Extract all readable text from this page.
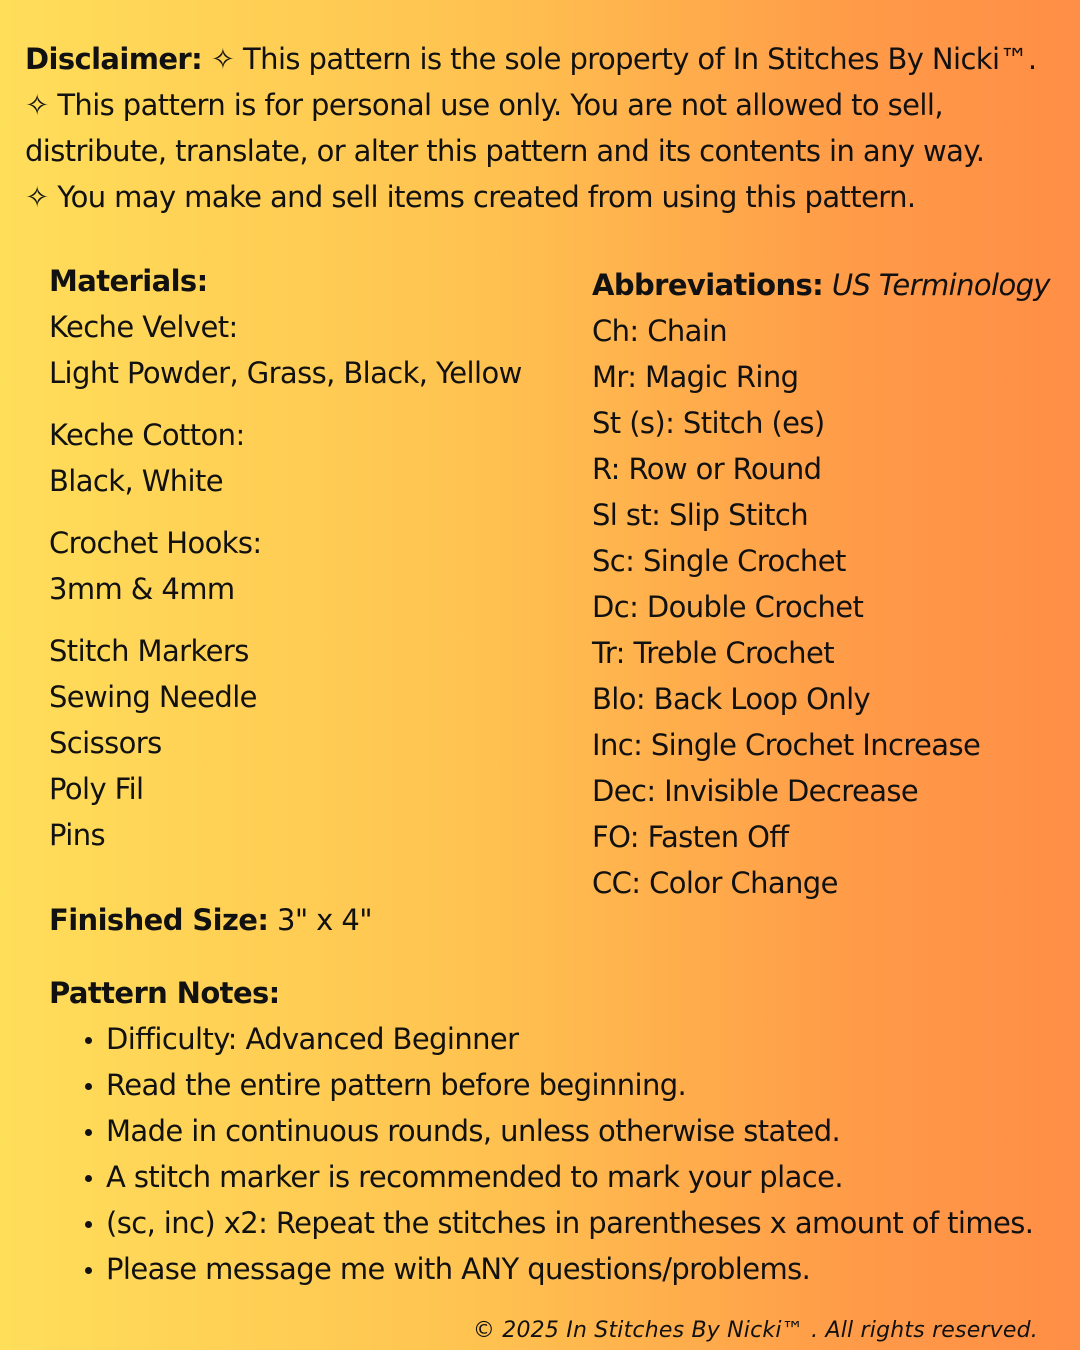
Disclaimer: ✧ This pattern is the sole property of In Stitches By Nicki™.

✧ This pattern is for personal use only. You are not allowed to sell,

distribute, translate, or alter this pattern and its contents in any way.

✧ You may make and sell items created from using this pattern.

Materials:
Keche Velvet:
Light Powder, Grass, Black, Yellow
Keche Cotton:
Black, White
Crochet Hooks:
3mm & 4mm
Stitch Markers
Sewing Needle
Scissors
Poly Fil
Pins
Abbreviations: US Terminology
Ch: Chain
Mr: Magic Ring
St (s): Stitch (es)
R: Row or Round
Sl st: Slip Stitch
Sc: Single Crochet
Dc: Double Crochet
Tr: Treble Crochet
Blo: Back Loop Only
Inc: Single Crochet Increase
Dec: Invisible Decrease
FO: Fasten Off
CC: Color Change
Finished Size: 3" x 4"
Pattern Notes:
Difficulty: Advanced Beginner
Read the entire pattern before beginning.
Made in continuous rounds, unless otherwise stated.
A stitch marker is recommended to mark your place.
(sc, inc) x2: Repeat the stitches in parentheses x amount of times.
Please message me with ANY questions/problems.
© 2025 In Stitches By Nicki™ . All rights reserved.
